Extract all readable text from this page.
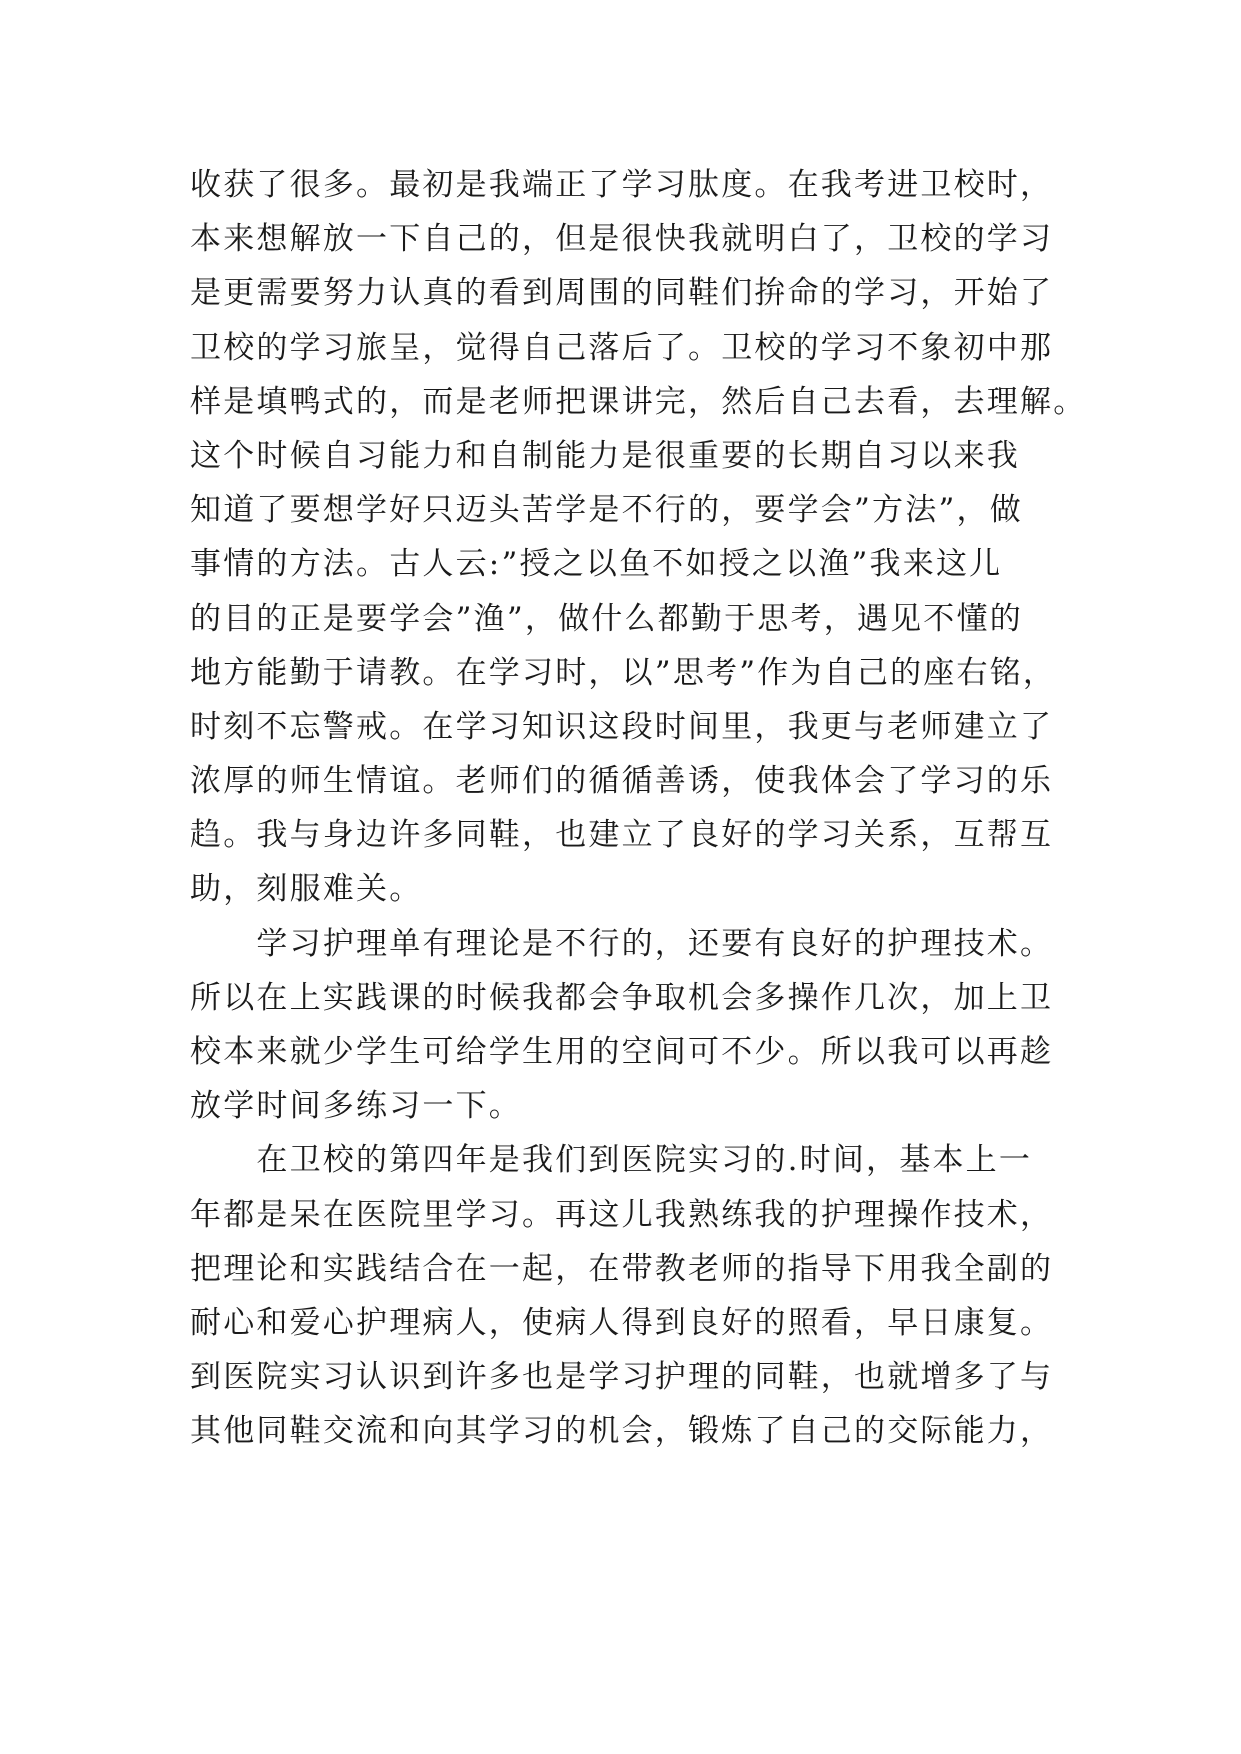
收获了很多。最初是我端正了学习肽度。在我考进卫校时，
本来想解放一下自己的，但是很快我就明白了，卫校的学习
是更需要努力认真的看到周围的同鞋们拚命的学习，开始了
卫校的学习旅呈，觉得自己落后了。卫校的学习不象初中那
样是填鸭式的，而是老师把课讲完，然后自己去看，去理解。
这个时候自习能力和自制能力是很重要的长期自习以来我
知道了要想学好只迈头苦学是不行的，要学会”方法”，做
事情的方法。古人云:”授之以鱼不如授之以渔”我来这儿
的目的正是要学会”渔”，做什么都勤于思考，遇见不懂的
地方能勤于请教。在学习时，以”思考”作为自己的座右铭，
时刻不忘警戒。在学习知识这段时间里，我更与老师建立了
浓厚的师生情谊。老师们的循循善诱，使我体会了学习的乐
趋。我与身边许多同鞋，也建立了良好的学习关系，互帮互
助，刻服难关。
　　学习护理单有理论是不行的，还要有良好的护理技术。
所以在上实践课的时候我都会争取机会多操作几次，加上卫
校本来就少学生可给学生用的空间可不少。所以我可以再趁
放学时间多练习一下。
　　在卫校的第四年是我们到医院实习的.时间，基本上一
年都是呆在医院里学习。再这儿我熟练我的护理操作技术，
把理论和实践结合在一起，在带教老师的指导下用我全副的
耐心和爱心护理病人，使病人得到良好的照看，早日康复。
到医院实习认识到许多也是学习护理的同鞋，也就增多了与
其他同鞋交流和向其学习的机会，锻炼了自己的交际能力，
